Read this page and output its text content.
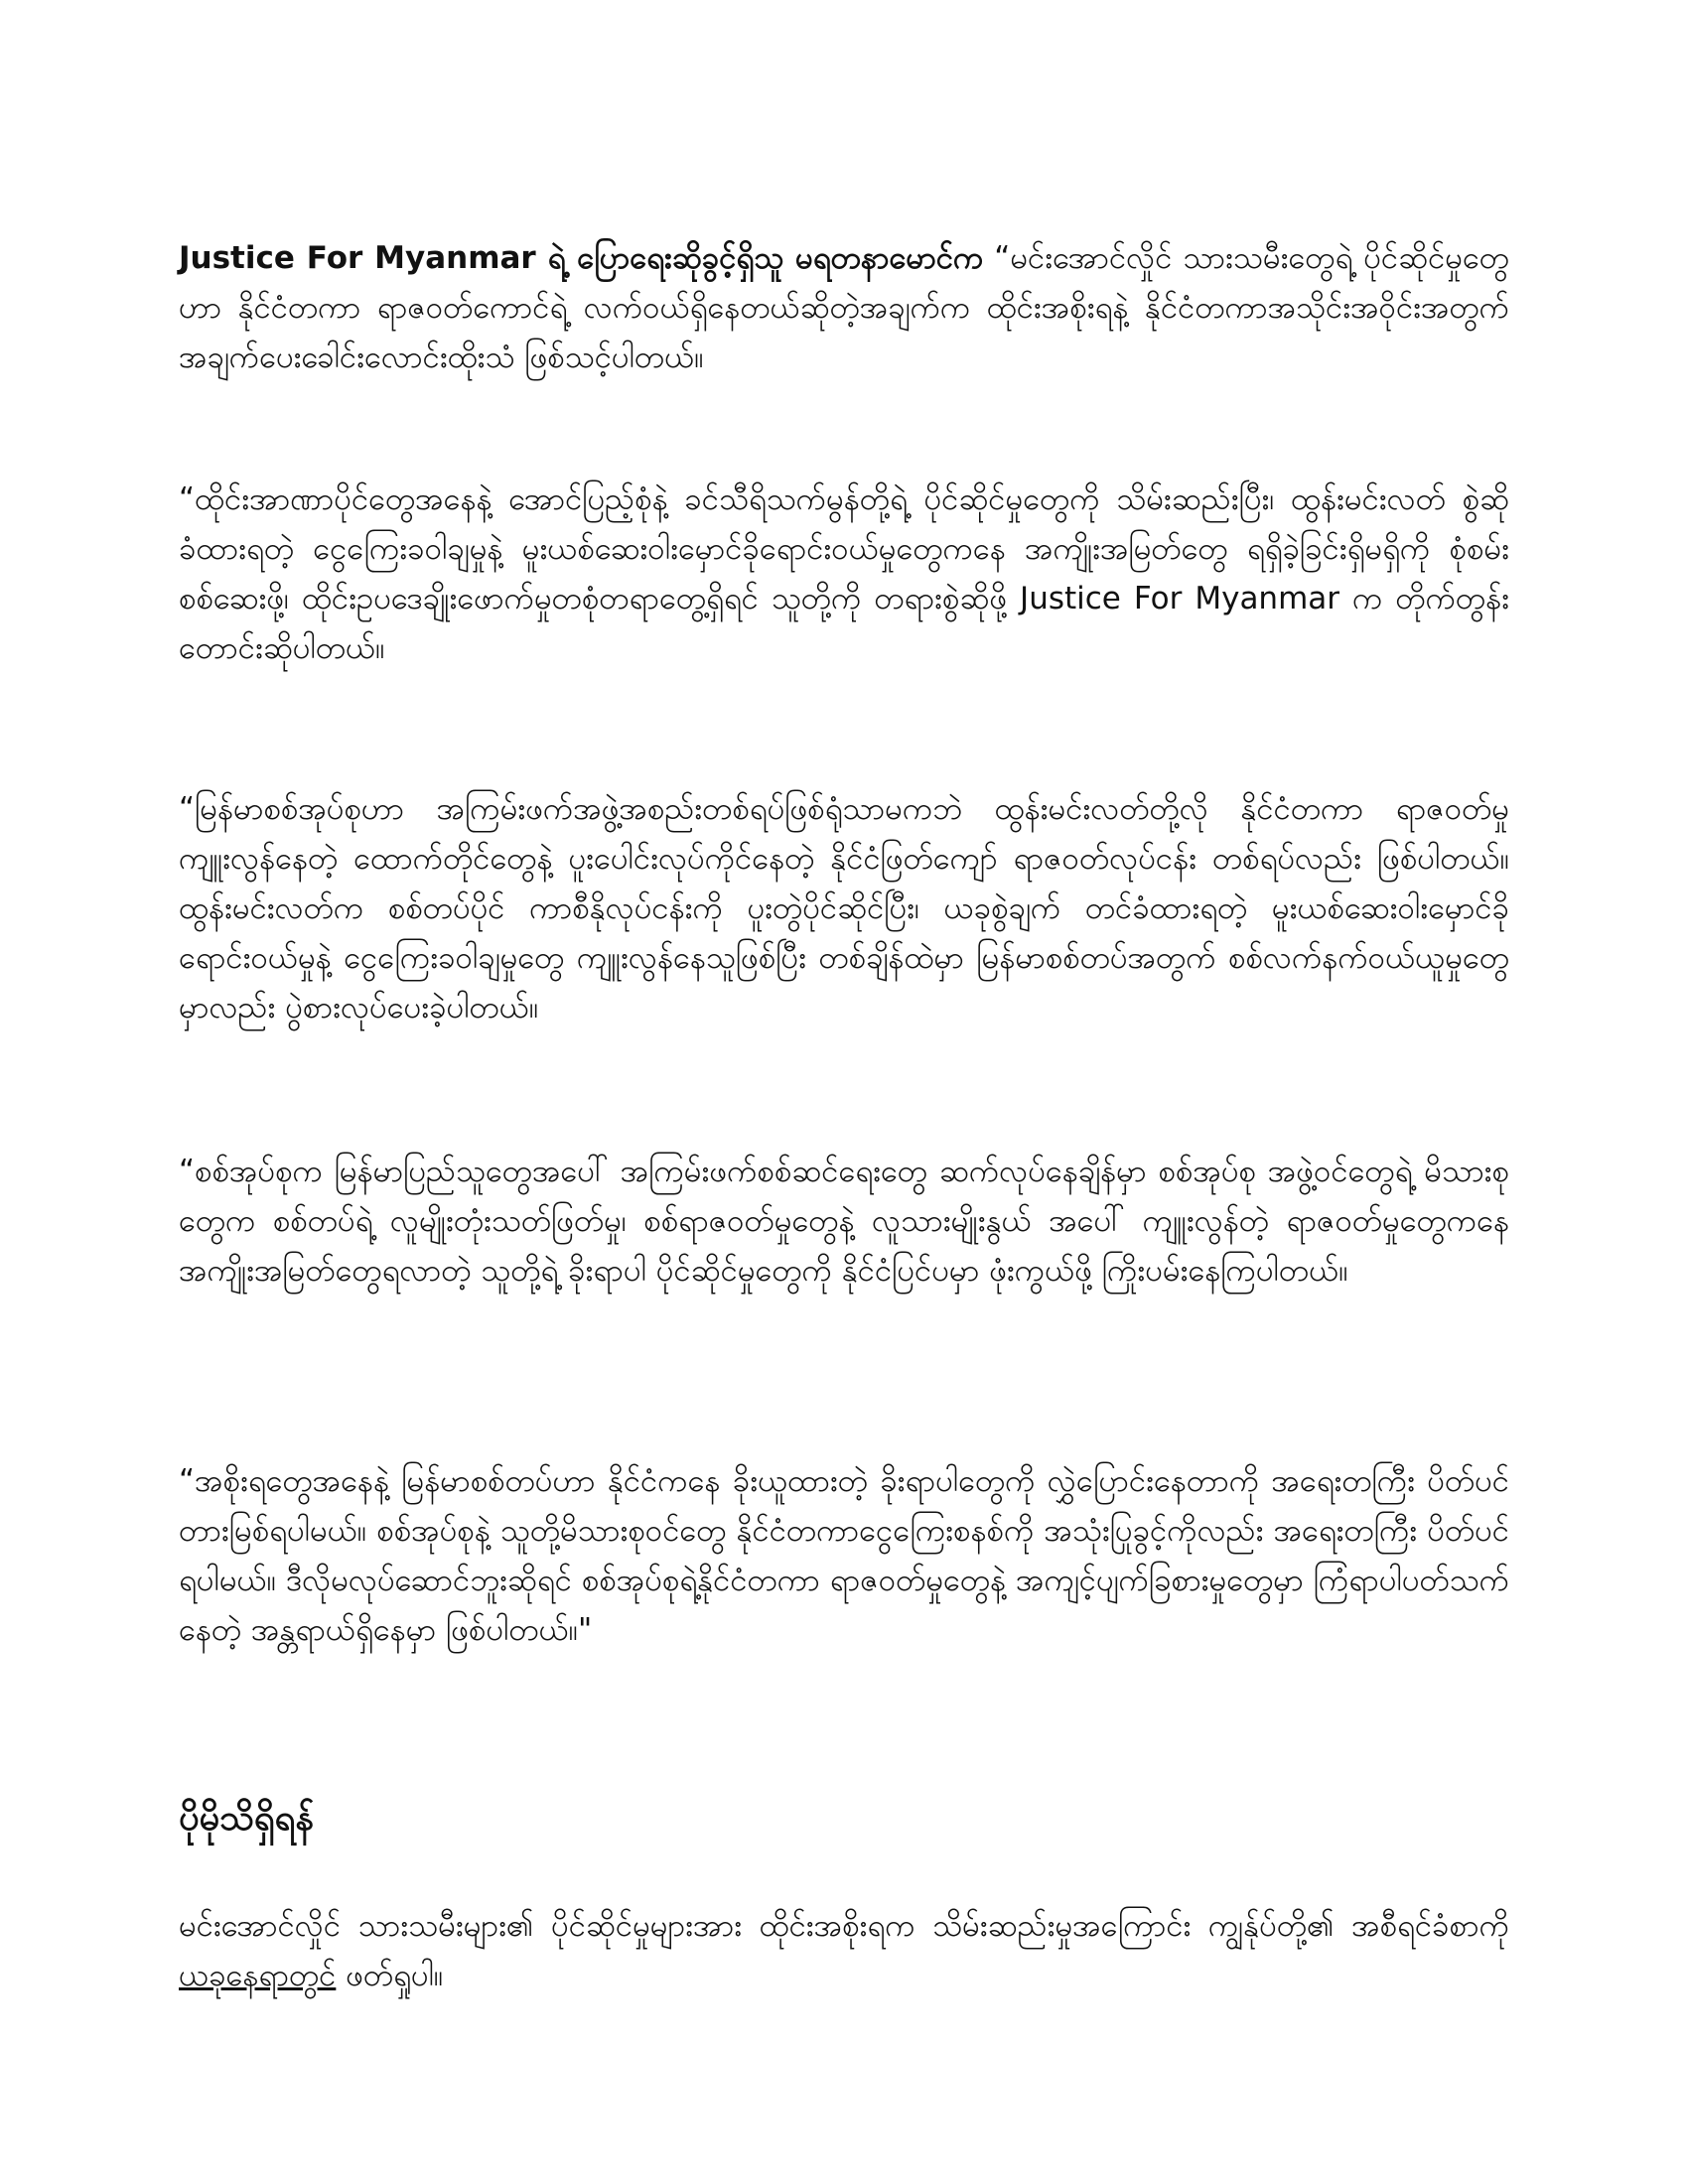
Justice For Myanmar ရဲ့ ပြောရေးဆိုခွင့်ရှိသူ မရတနာမောင်က “မင်းအောင်လှိုင် သားသမီးတွေရဲ့ ပိုင်ဆိုင်မှုတွေဟာ နိုင်ငံတကာ ရာဇဝတ်ကောင်ရဲ့ လက်ဝယ်ရှိနေတယ်ဆိုတဲ့အချက်က ထိုင်းအစိုးရနဲ့ နိုင်ငံတကာအသိုင်းအဝိုင်းအတွက် အချက်ပေးခေါင်းလောင်းထိုးသံ ဖြစ်သင့်ပါတယ်။

“ထိုင်းအာဏာပိုင်တွေအနေနဲ့ အောင်ပြည့်စုံနဲ့ ခင်သီရိသက်မွန်တို့ရဲ့ ပိုင်ဆိုင်မှုတွေကို သိမ်းဆည်းပြီး၊ ထွန်းမင်းလတ် စွဲဆိုခံထားရတဲ့ ငွေကြေးခဝါချမှုနဲ့ မူးယစ်ဆေးဝါးမှောင်ခိုရောင်းဝယ်မှုတွေကနေ အကျိုးအမြတ်တွေ ရရှိခဲ့ခြင်းရှိမရှိကို စုံစမ်းစစ်ဆေးဖို့၊ ထိုင်းဥပဒေချိုးဖောက်မှုတစုံတရာတွေ့ရှိရင် သူတို့ကို တရားစွဲဆိုဖို့ Justice For Myanmar က တိုက်တွန်းတောင်းဆိုပါတယ်။

“မြန်မာစစ်အုပ်စုဟာ အကြမ်းဖက်အဖွဲ့အစည်းတစ်ရပ်ဖြစ်ရုံသာမကဘဲ ထွန်းမင်းလတ်တို့လို နိုင်ငံတကာ ရာဇဝတ်မှုကျူးလွန်နေတဲ့ ထောက်တိုင်တွေနဲ့ ပူးပေါင်းလုပ်ကိုင်နေတဲ့ နိုင်ငံဖြတ်ကျော် ရာဇဝတ်လုပ်ငန်း တစ်ရပ်လည်း ဖြစ်ပါတယ်။ ထွန်းမင်းလတ်က စစ်တပ်ပိုင် ကာစီနိုလုပ်ငန်းကို ပူးတွဲပိုင်ဆိုင်ပြီး၊ ယခုစွဲချက် တင်ခံထားရတဲ့ မူးယစ်ဆေးဝါးမှောင်ခိုရောင်းဝယ်မှုနဲ့ ငွေကြေးခဝါချမှုတွေ ကျူးလွန်နေသူဖြစ်ပြီး တစ်ချိန်ထဲမှာ မြန်မာစစ်တပ်အတွက် စစ်လက်နက်ဝယ်ယူမှုတွေမှာလည်း ပွဲစားလုပ်ပေးခဲ့ပါတယ်။

“စစ်အုပ်စုက မြန်မာပြည်သူတွေအပေါ် အကြမ်းဖက်စစ်ဆင်ရေးတွေ ဆက်လုပ်နေချိန်မှာ စစ်အုပ်စု အဖွဲ့ဝင်တွေရဲ့ မိသားစုတွေက စစ်တပ်ရဲ့ လူမျိုးတုံးသတ်ဖြတ်မှု၊ စစ်ရာဇဝတ်မှုတွေနဲ့ လူသားမျိုးနွယ် အပေါ် ကျူးလွန်တဲ့ ရာဇဝတ်မှုတွေကနေ အကျိုးအမြတ်တွေရလာတဲ့ သူတို့ရဲ့ ခိုးရာပါ ပိုင်ဆိုင်မှုတွေကို နိုင်ငံပြင်ပမှာ ဖုံးကွယ်ဖို့ ကြိုးပမ်းနေကြပါတယ်။

“အစိုးရတွေအနေနဲ့ မြန်မာစစ်တပ်ဟာ နိုင်ငံကနေ ခိုးယူထားတဲ့ ခိုးရာပါတွေကို လွှဲပြောင်းနေတာကို အရေးတကြီး ပိတ်ပင်တားမြစ်ရပါမယ်။ စစ်အုပ်စုနဲ့ သူတို့မိသားစုဝင်တွေ နိုင်ငံတကာငွေကြေးစနစ်ကို အသုံးပြုခွင့်ကိုလည်း အရေးတကြီး ပိတ်ပင်ရပါမယ်။ ဒီလိုမလုပ်ဆောင်ဘူးဆိုရင် စစ်အုပ်စုရဲ့နိုင်ငံတကာ ရာဇဝတ်မှုတွေနဲ့ အကျင့်ပျက်ခြစားမှုတွေမှာ ကြံရာပါပတ်သက်နေတဲ့ အန္တရာယ်ရှိနေမှာ ဖြစ်ပါတယ်။"

ပိုမိုသိရှိရန်

မင်းအောင်လှိုင် သားသမီးများ၏ ပိုင်ဆိုင်မှုများအား ထိုင်းအစိုးရက သိမ်းဆည်းမှုအကြောင်း ကျွန်ုပ်တို့၏ အစီရင်ခံစာကို ယခုနေရာတွင် ဖတ်ရှုပါ။
